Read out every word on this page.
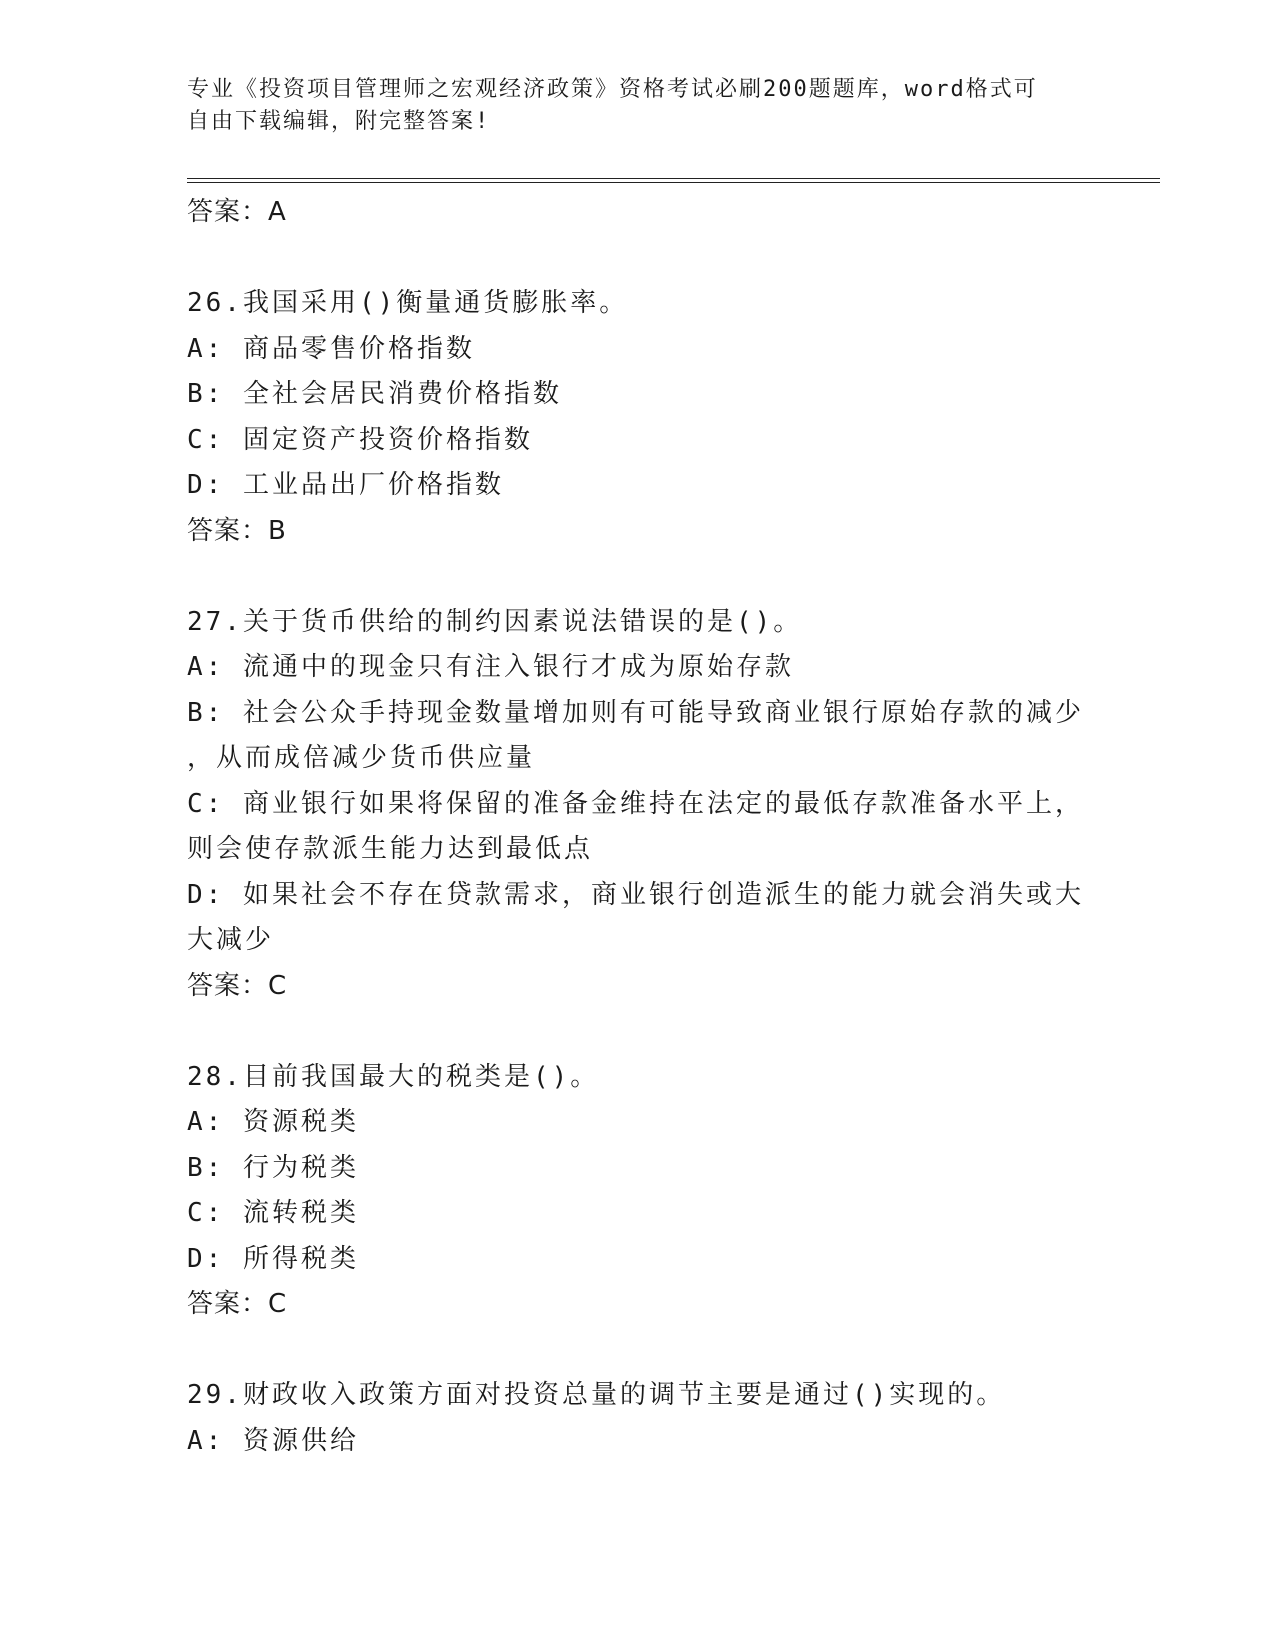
专业《投资项目管理师之宏观经济政策》资格考试必刷200题题库，word格式可
自由下载编辑，附完整答案!
答案：A
26.我国采用()衡量通货膨胀率。
A: 商品零售价格指数
B: 全社会居民消费价格指数
C: 固定资产投资价格指数
D: 工业品出厂价格指数
答案：B
27.关于货币供给的制约因素说法错误的是()。
A: 流通中的现金只有注入银行才成为原始存款
B: 社会公众手持现金数量增加则有可能导致商业银行原始存款的减少
，从而成倍减少货币供应量
C: 商业银行如果将保留的准备金维持在法定的最低存款准备水平上，
则会使存款派生能力达到最低点
D: 如果社会不存在贷款需求，商业银行创造派生的能力就会消失或大
大减少
答案：C
28.目前我国最大的税类是()。
A: 资源税类
B: 行为税类
C: 流转税类
D: 所得税类
答案：C
29.财政收入政策方面对投资总量的调节主要是通过()实现的。
A: 资源供给
